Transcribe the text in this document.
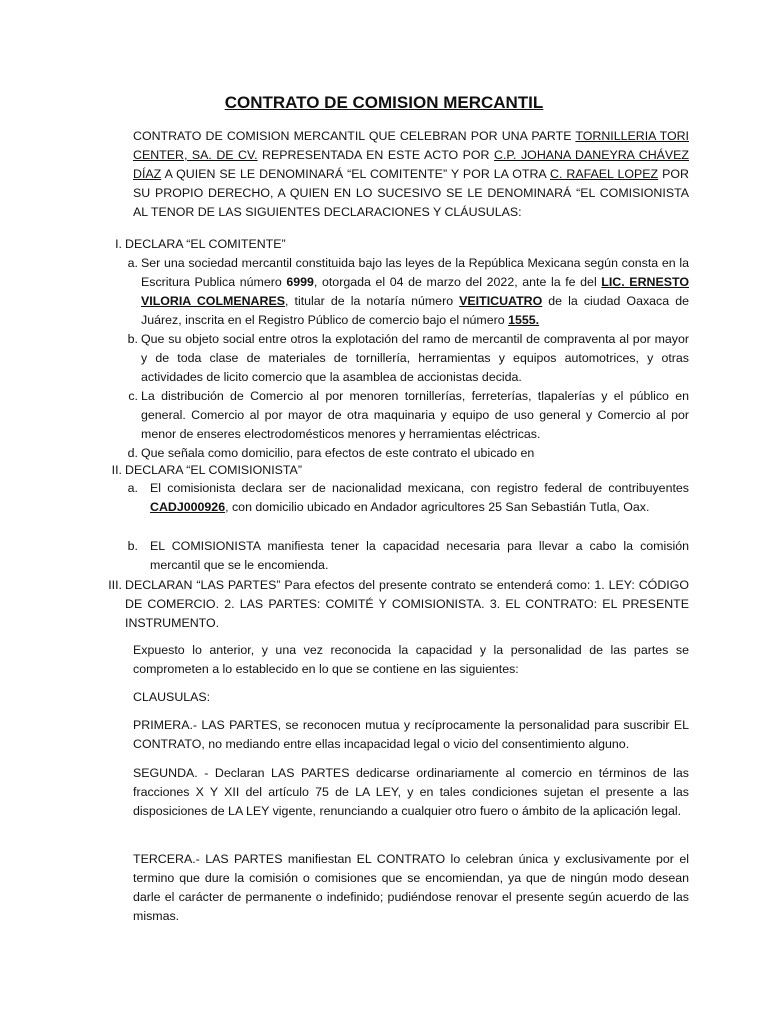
CONTRATO DE COMISION MERCANTIL
CONTRATO DE COMISION MERCANTIL QUE CELEBRAN POR UNA PARTE TORNILLERIA TORI CENTER, SA. DE CV. REPRESENTADA EN ESTE ACTO POR C.P. JOHANA DANEYRA CHÁVEZ DÍAZ A QUIEN SE LE DENOMINARÁ “EL COMITENTE” Y POR LA OTRA C. RAFAEL LOPEZ POR SU PROPIO DERECHO, A QUIEN EN LO SUCESIVO SE LE DENOMINARÁ “EL COMISIONISTA AL TENOR DE LAS SIGUIENTES DECLARACIONES Y CLÁUSULAS:
I. DECLARA “EL COMITENTE”
a. Ser una sociedad mercantil constituida bajo las leyes de la República Mexicana según consta en la Escritura Publica número 6999, otorgada el 04 de marzo del 2022, ante la fe del LIC. ERNESTO VILORIA COLMENARES, titular de la notaría número VEITICUATRO de la ciudad Oaxaca de Juárez, inscrita en el Registro Público de comercio bajo el número 1555.
b. Que su objeto social entre otros la explotación del ramo de mercantil de compraventa al por mayor y de toda clase de materiales de tornillería, herramientas y equipos automotrices, y otras actividades de licito comercio que la asamblea de accionistas decida.
c. La distribución de Comercio al por menoren tornillerías, ferreterías, tlapalerías y el público en general. Comercio al por mayor de otra maquinaria y equipo de uso general y Comercio al por menor de enseres electrodomésticos menores y herramientas eléctricas.
d. Que señala como domicilio, para efectos de este contrato el ubicado en
II. DECLARA “EL COMISIONISTA”
a. El comisionista declara ser de nacionalidad mexicana, con registro federal de contribuyentes CADJ000926, con domicilio ubicado en Andador agricultores 25 San Sebastián Tutla, Oax.
b. EL COMISIONISTA manifiesta tener la capacidad necesaria para llevar a cabo la comisión mercantil que se le encomienda.
III. DECLARAN “LAS PARTES” Para efectos del presente contrato se entenderá como: 1. LEY: CÓDIGO DE COMERCIO. 2. LAS PARTES: COMITÉ Y COMISIONISTA. 3. EL CONTRATO: EL PRESENTE INSTRUMENTO.
Expuesto lo anterior, y una vez reconocida la capacidad y la personalidad de las partes se comprometen a lo establecido en lo que se contiene en las siguientes:
CLAUSULAS:
PRIMERA.- LAS PARTES, se reconocen mutua y recíprocamente la personalidad para suscribir EL CONTRATO, no mediando entre ellas incapacidad legal o vicio del consentimiento alguno.
SEGUNDA. - Declaran LAS PARTES dedicarse ordinariamente al comercio en términos de las fracciones X Y XII del artículo 75 de LA LEY, y en tales condiciones sujetan el presente a las disposiciones de LA LEY vigente, renunciando a cualquier otro fuero o ámbito de la aplicación legal.
TERCERA.- LAS PARTES manifiestan EL CONTRATO lo celebran única y exclusivamente por el termino que dure la comisión o comisiones que se encomiendan, ya que de ningún modo desean darle el carácter de permanente o indefinido; pudiéndose renovar el presente según acuerdo de las mismas.
